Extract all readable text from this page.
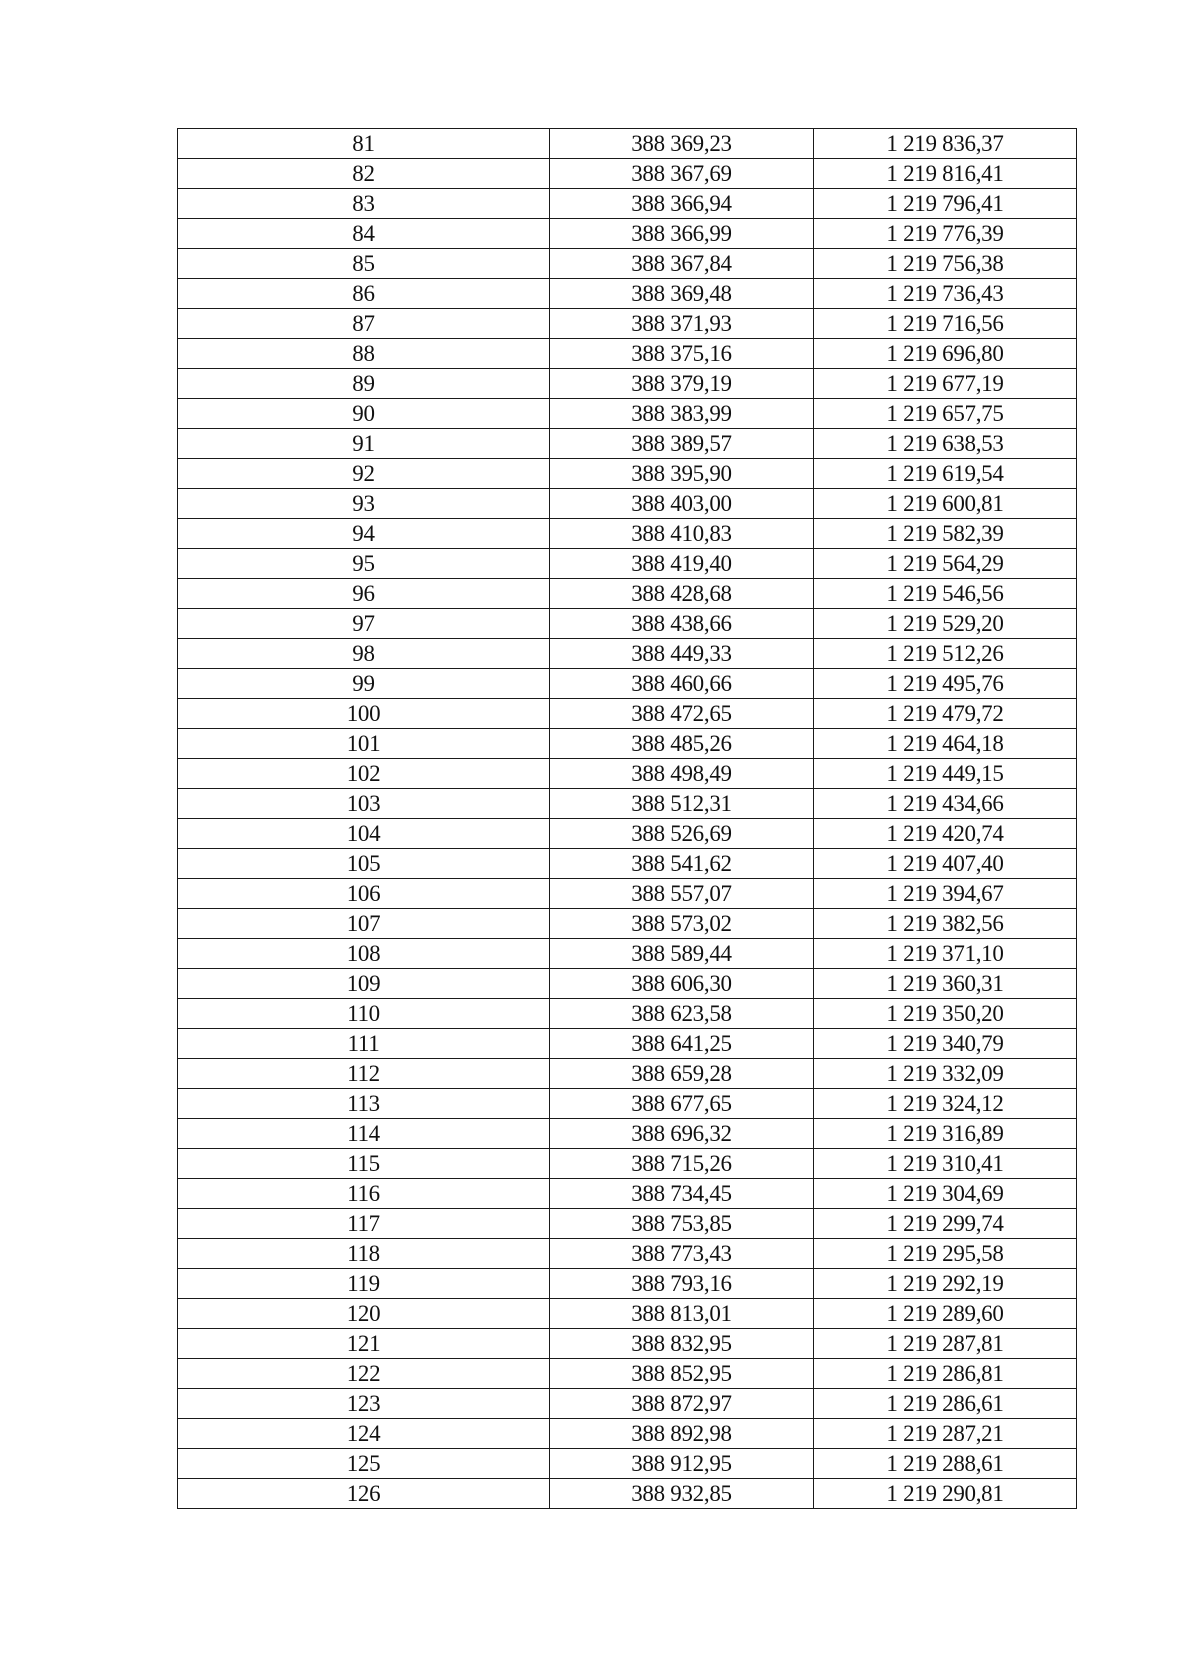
81	388 369,23	1 219 836,37
82	388 367,69	1 219 816,41
83	388 366,94	1 219 796,41
84	388 366,99	1 219 776,39
85	388 367,84	1 219 756,38
86	388 369,48	1 219 736,43
87	388 371,93	1 219 716,56
88	388 375,16	1 219 696,80
89	388 379,19	1 219 677,19
90	388 383,99	1 219 657,75
91	388 389,57	1 219 638,53
92	388 395,90	1 219 619,54
93	388 403,00	1 219 600,81
94	388 410,83	1 219 582,39
95	388 419,40	1 219 564,29
96	388 428,68	1 219 546,56
97	388 438,66	1 219 529,20
98	388 449,33	1 219 512,26
99	388 460,66	1 219 495,76
100	388 472,65	1 219 479,72
101	388 485,26	1 219 464,18
102	388 498,49	1 219 449,15
103	388 512,31	1 219 434,66
104	388 526,69	1 219 420,74
105	388 541,62	1 219 407,40
106	388 557,07	1 219 394,67
107	388 573,02	1 219 382,56
108	388 589,44	1 219 371,10
109	388 606,30	1 219 360,31
110	388 623,58	1 219 350,20
111	388 641,25	1 219 340,79
112	388 659,28	1 219 332,09
113	388 677,65	1 219 324,12
114	388 696,32	1 219 316,89
115	388 715,26	1 219 310,41
116	388 734,45	1 219 304,69
117	388 753,85	1 219 299,74
118	388 773,43	1 219 295,58
119	388 793,16	1 219 292,19
120	388 813,01	1 219 289,60
121	388 832,95	1 219 287,81
122	388 852,95	1 219 286,81
123	388 872,97	1 219 286,61
124	388 892,98	1 219 287,21
125	388 912,95	1 219 288,61
126	388 932,85	1 219 290,81
